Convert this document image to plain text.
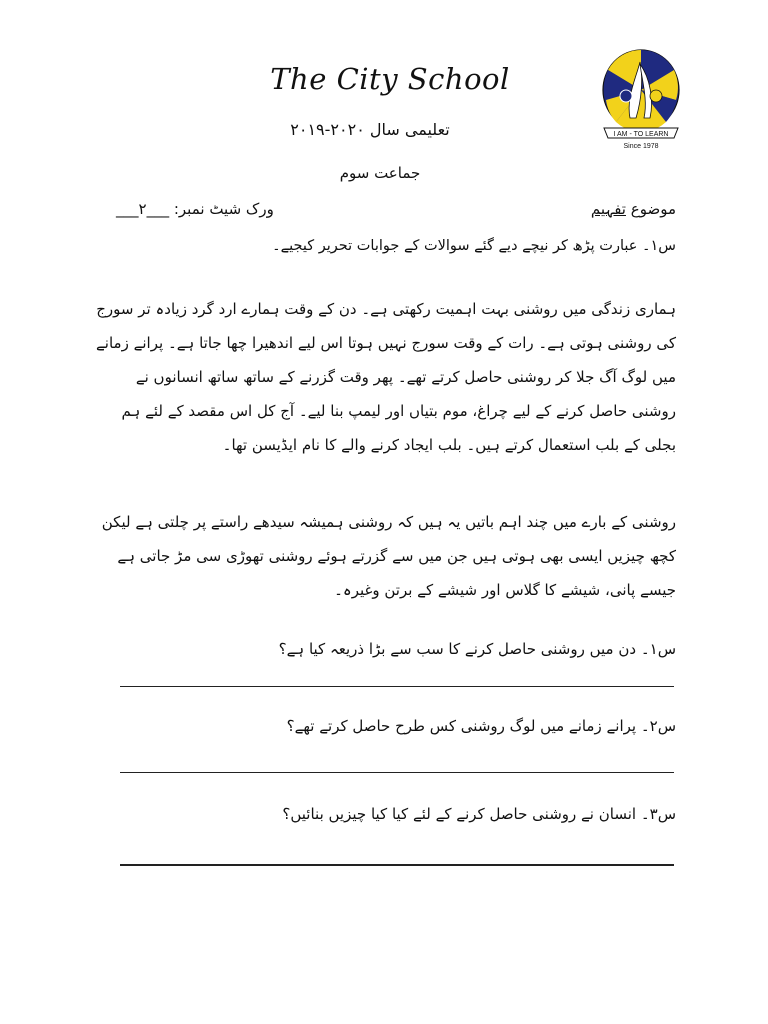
The City School
تعلیمی سال ۲۰۲۰-۲۰۱۹
جماعت سوم
I AM - TO LEARN
Since 1978
موضوع تفہیم
ورک شیٹ نمبر: ___۲___
س۱۔ عبارت پڑھ کر نیچے دیے گئے سوالات کے جوابات تحریر کیجیے۔
ہماری زندگی میں روشنی بہت اہمیت رکھتی ہے۔ دن کے وقت ہمارے ارد گرد زیادہ تر سورج کی روشنی ہوتی ہے۔ رات کے وقت سورج نہیں ہوتا اس لیے اندھیرا چھا جاتا ہے۔ پرانے زمانے میں لوگ آگ جلا کر روشنی حاصل کرتے تھے۔ پھر وقت گزرنے کے ساتھ ساتھ انسانوں نے روشنی حاصل کرنے کے لیے چراغ، موم بتیاں اور لیمپ بنا لیے۔ آج کل اس مقصد کے لئے ہم بجلی کے بلب استعمال کرتے ہیں۔ بلب ایجاد کرنے والے کا نام ایڈیسن تھا۔
روشنی کے بارے میں چند اہم باتیں یہ ہیں کہ روشنی ہمیشہ سیدھے راستے پر چلتی ہے لیکن کچھ چیزیں ایسی بھی ہوتی ہیں جن میں سے گزرتے ہوئے روشنی تھوڑی سی مڑ جاتی ہے جیسے پانی، شیشے کا گلاس اور شیشے کے برتن وغیرہ۔
س۱۔ دن میں روشنی حاصل کرنے کا سب سے بڑا ذریعہ کیا ہے؟
س۲۔ پرانے زمانے میں لوگ روشنی کس طرح حاصل کرتے تھے؟
س۳۔ انسان نے روشنی حاصل کرنے کے لئے کیا کیا چیزیں بنائیں؟
